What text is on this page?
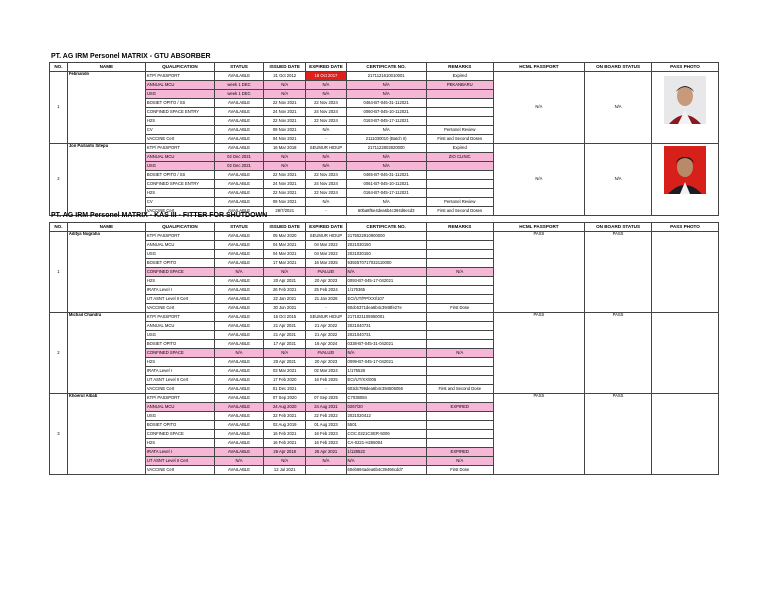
PT. AG IRM Personel MATRIX - GTU ABSORBER
NO.	NAME	QUALIFICATION	STATUS	ISSUED DATE	EXPIRED DATE	CERTIFICATE NO.	REMARKS	HCML PASSPORT	ON BOARD STATUS	PASS PHOTO
1	Febriando	KTP/ PASSPORT	AVAILABLE	21 Oct 2012	18 Oct 2017	2171121610010001	Expired	N/A	N/A	
		ANNUAL MCU	week 1 DEC	N/A	N/A	N/A	PEKANBARU			
		USG	week 1 DEC	N/A	N/A	N/A				
		BOSIET OPITO / SS	AVAILABLE	22 Nov 2021	22 Nov 2024	0464-B7-045-31-112021				
		CONFINED SPACE ENTRY	AVAILABLE	24 Nov 2021	24 Nov 2024	0060-B7-045-10-112021				
		H2S	AVAILABLE	22 Nov 2021	22 Nov 2024	0163-B7-045-17-112021				
		CV	AVAILABLE	09 Nov 2021	N/A	N/A	Personel Review			
		VACCINE Cert	AVAILABLE	04 Nov 2021	-	2111030010 (Batch II)	First and Second Doses			
2	Jon Parlanto Sitepu	KTP/ PASSPORT	AVAILABLE	16 Mar 2018	SEUMUR HIDUP	2171122802820000	Expired	N/A	N/A	
		ANNUAL MCU	02 Dec 2021	N/A	N/A	N/A	ZIO CLINIC			
		USG	02 Dec 2021	N/A	N/A	N/A				
		BOSIET OPITO / SS	AVAILABLE	22 Nov 2021	22 Nov 2024	0465-B7-045-31-112021				
		CONFINED SPACE ENTRY	AVAILABLE	24 Nov 2021	24 Nov 2024	0061-B7-045-10-112021				
		H2S	AVAILABLE	22 Nov 2021	22 Nov 2024	0164-B7-045-17-112021				
		CV	AVAILABLE	09 Nov 2021	N/A	N/A	Personel Review			
		VACCINE Cert	AVAILABLE	28/7/2021	-	60ba8f5e4dea6b4c394d6ecd3	First and Second Doses			
PT. AG IRM Personel MATRIX - KAS III - FITTER FOR SHUTDOWN
NO.	NAME	QUALIFICATION	STATUS	ISSUED DATE	EXPIRED DATE	CERTIFICATE NO.	REMARKS	HCML PASSPORT	ON BOARD STATUS	PASS PHOTO
1	Aditya Nugraha	KTP/ PASSPORT	AVAILABLE	05 Mar 2020	SEUMUR HIDUP	2175022910900000		PASS	PASS	
		ANNUAL MCU	AVAILABLE	04 Mar 2021	04 Mar 2022	2021030150				
		USG	AVAILABLE	04 Mar 2021	04 Mar 2022	2021030150				
		BOSIET OPITO	AVAILABLE	17 Mar 2021	16 Mar 2025	9392570717032110000				
		CONFINED SPACE	N/A	N/A	#VALUE!	N/A	N/A			
		H2S	AVAILABLE	20 Apr 2021	20 Apr 2023	0093-B7-045-17-042021				
		IRATA Level I	AVAILABLE	26 Feb 2021	25 Feb 2024	1/175365				
		UT ASNT Level II Cert	AVAILABLE	22 Jan 2021	21 Jan 2026	ECI/UT/PP/XXI/107				
		VACCINE Cert	AVAILABLE	30 Jun 2021	-	60dc6371dea6b4c3948fe27e	First Dose			
2	Michail Chandra	KTP/ PASSPORT	AVAILABLE	15 Oct 2015	SEUMUR HIDUP	2171021105950001		PASS	PASS	
		ANNUAL MCU	AVAILABLE	21 Apr 2021	21 Apr 2022	2021040731				
		USG	AVAILABLE	21 Apr 2021	21 Apr 2022	2021040731				
		BOSIET OPITO	AVAILABLE	17 Apr 2021	16 Apr 2024	0338-B7-045-31-042021				
		CONFINED SPACE	N/A	N/A	#VALUE!	N/A	N/A			
		H2S	AVAILABLE	20 Apr 2021	20 Apr 2023	0099-B7-045-17-042021				
		IRATA Level I	AVAILABLE	03 Mar 2021	02 Mar 2024	1/175528				
		UT ASNT Level II Cert	AVAILABLE	17 Feb 2020	16 Feb 2025	ECI/UT/XX/005				
		VACCINE Cert	AVAILABLE	01 Dec 2021	-	603dc799dea6b4c394506056	First and Second Dose			
3	Khoerul Albab	KTP/ PASSPORT	AVAILABLE	07 Sep 2020	07 Sep 2025	C7038084		PASS	PASS	
		ANNUAL MCU	AVAILABLE	24 Aug 2020	24 Aug 2021	0267/20	EXPIRED			
		USG	AVAILABLE	22 Feb 2021	22 Feb 2022	2021020412				
		BOSIET OPITO	AVAILABLE	02 Aug 2019	01 Aug 2023	5501				
		CONFINED SPACE	AVAILABLE	16 Feb 2021	16 Feb 2023	COC.0221CSER-5006				
		H2S	AVAILABLE	16 Feb 2021	16 Feb 2023	CA-0221-H255004				
		IRATA Level I	AVAILABLE	26 Apr 2018	25 Apr 2021	1/128522	EXPIRED			
		UT ASNT Level II Cert	N/A	N/A	N/A	N/A	N/A			
		VACCINE Cert	AVAILABLE	12 Jul 2021	-	60eb694adea6b4c39466cdd7	First Dose			
